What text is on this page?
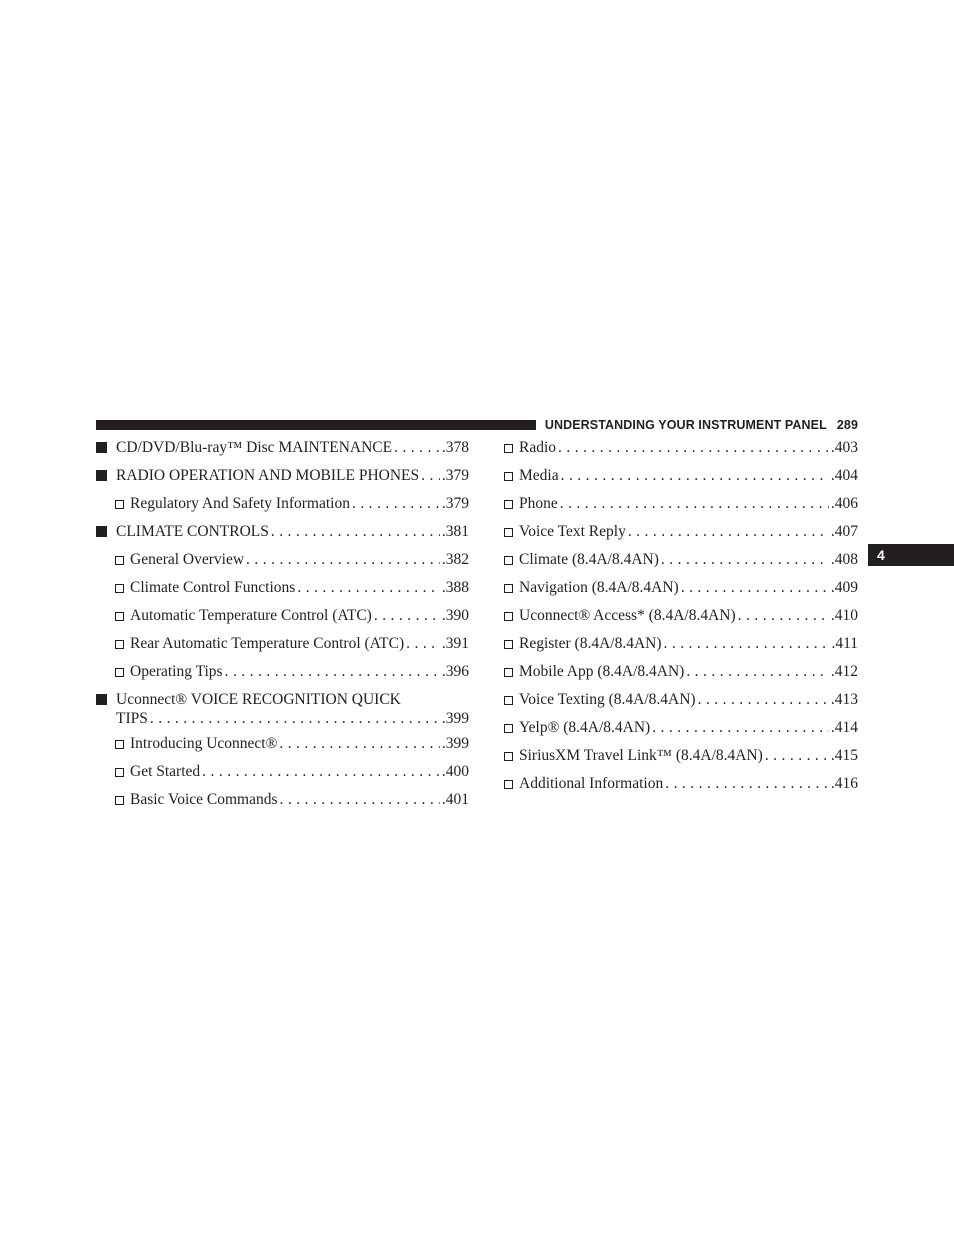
UNDERSTANDING YOUR INSTRUMENT PANEL 289
4
CD/DVD/Blu-ray™ Disc MAINTENANCE . . .	.378
RADIO OPERATION AND MOBILE PHONES . . . .379
Regulatory And Safety Information . . .	.379
CLIMATE CONTROLS . . .	.381
General Overview . . .	.382
Climate Control Functions . . .	.388
Automatic Temperature Control (ATC) . . .	.390
Rear Automatic Temperature Control (ATC) . . . .391
Operating Tips . . .	.396
Uconnect® VOICE RECOGNITION QUICK
TIPS . . .	.399
Introducing Uconnect® . . .	.399
Get Started . . .	.400
Basic Voice Commands . . .	.401
Radio . . .	.403
Media . . .	.404
Phone . . .	.406
Voice Text Reply . . .	.407
Climate (8.4A/8.4AN) . . .	.408
Navigation (8.4A/8.4AN) . . .	.409
Uconnect® Access* (8.4A/8.4AN) . . .	.410
Register (8.4A/8.4AN) . . .	.411
Mobile App (8.4A/8.4AN) . . .	.412
Voice Texting (8.4A/8.4AN) . . .	.413
Yelp® (8.4A/8.4AN) . . .	.414
SiriusXM Travel Link™ (8.4A/8.4AN) . . .	.415
Additional Information . . .	.416
